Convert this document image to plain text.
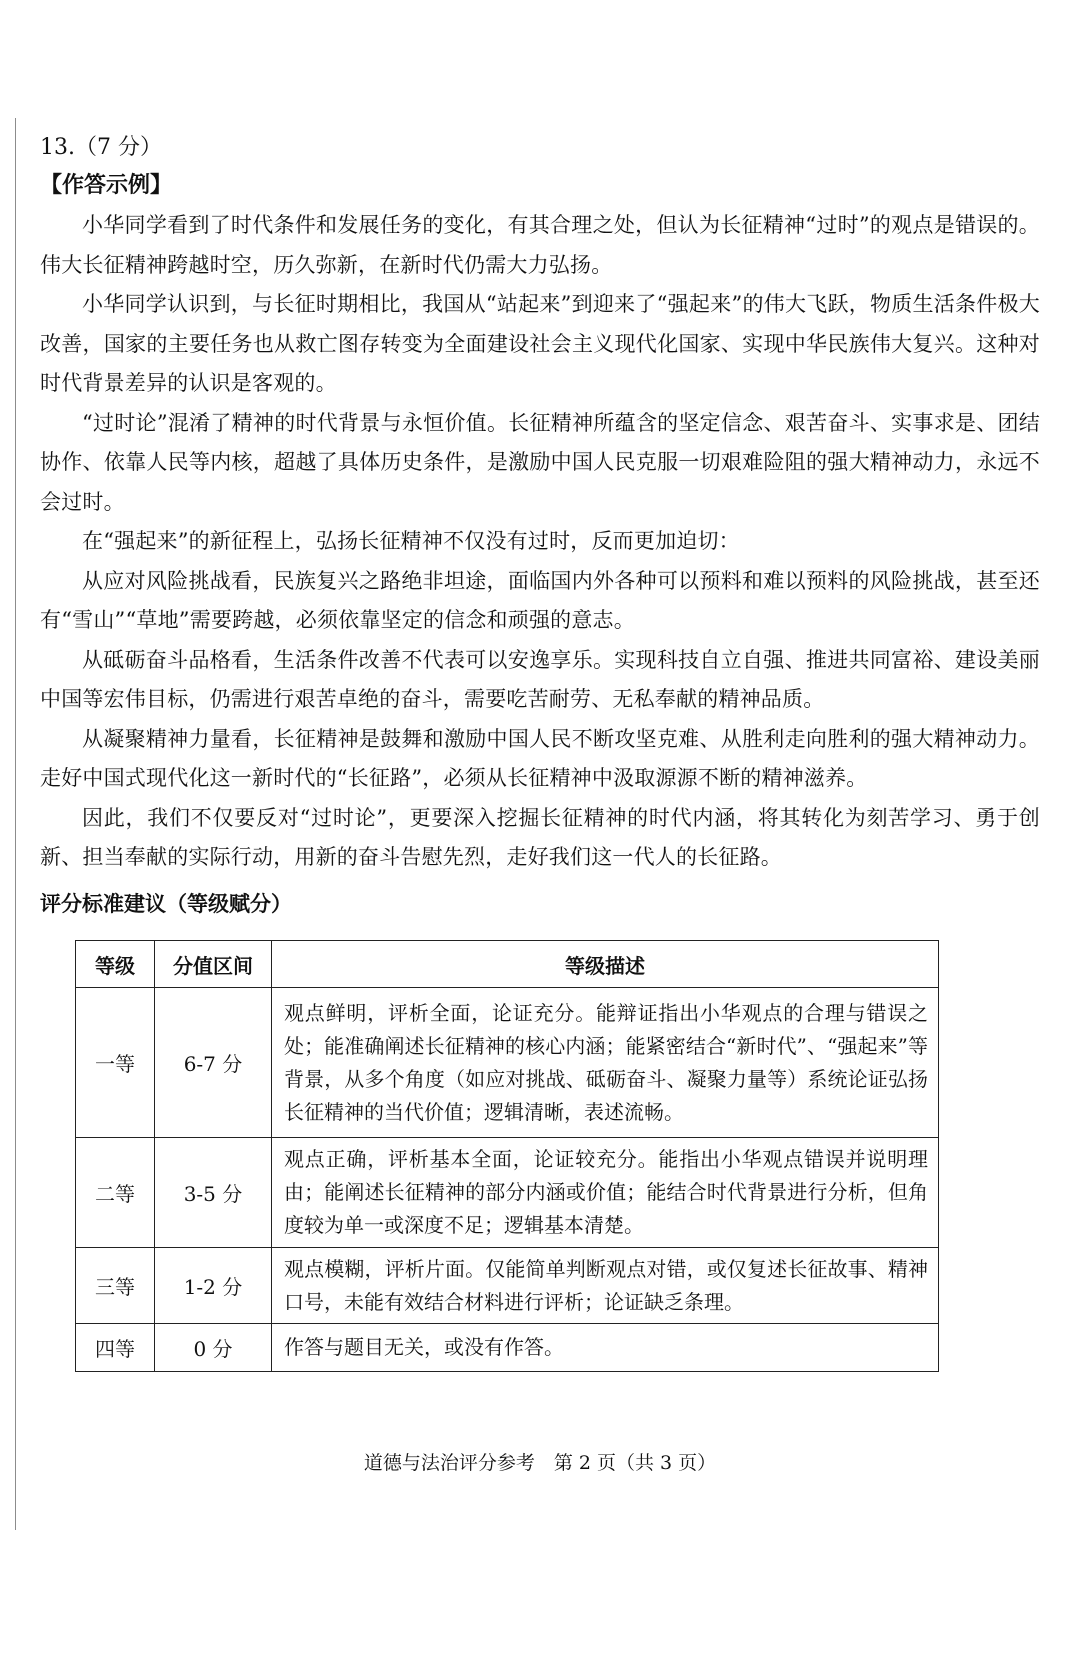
13.（7 分）

【作答示例】

小华同学看到了时代条件和发展任务的变化，有其合理之处，但认为长征精神“过时”的观点是错误的。伟大长征精神跨越时空，历久弥新，在新时代仍需大力弘扬。

小华同学认识到，与长征时期相比，我国从“站起来”到迎来了“强起来”的伟大飞跃，物质生活条件极大改善，国家的主要任务也从救亡图存转变为全面建设社会主义现代化国家、实现中华民族伟大复兴。这种对时代背景差异的认识是客观的。

“过时论”混淆了精神的时代背景与永恒价值。长征精神所蕴含的坚定信念、艰苦奋斗、实事求是、团结协作、依靠人民等内核，超越了具体历史条件，是激励中国人民克服一切艰难险阻的强大精神动力，永远不会过时。

在“强起来”的新征程上，弘扬长征精神不仅没有过时，反而更加迫切：

从应对风险挑战看，民族复兴之路绝非坦途，面临国内外各种可以预料和难以预料的风险挑战，甚至还有“雪山”“草地”需要跨越，必须依靠坚定的信念和顽强的意志。

从砥砺奋斗品格看，生活条件改善不代表可以安逸享乐。实现科技自立自强、推进共同富裕、建设美丽中国等宏伟目标，仍需进行艰苦卓绝的奋斗，需要吃苦耐劳、无私奉献的精神品质。

从凝聚精神力量看，长征精神是鼓舞和激励中国人民不断攻坚克难、从胜利走向胜利的强大精神动力。走好中国式现代化这一新时代的“长征路”，必须从长征精神中汲取源源不断的精神滋养。

因此，我们不仅要反对“过时论”，更要深入挖掘长征精神的时代内涵，将其转化为刻苦学习、勇于创新、担当奉献的实际行动，用新的奋斗告慰先烈，走好我们这一代人的长征路。

评分标准建议（等级赋分）

等级	分值区间	等级描述
一等	6-7 分	观点鲜明，评析全面，论证充分。能辩证指出小华观点的合理与错误之处；能准确阐述长征精神的核心内涵；能紧密结合“新时代”、“强起来”等背景，从多个角度（如应对挑战、砥砺奋斗、凝聚力量等）系统论证弘扬长征精神的当代价值；逻辑清晰，表述流畅。
二等	3-5 分	观点正确，评析基本全面，论证较充分。能指出小华观点错误并说明理由；能阐述长征精神的部分内涵或价值；能结合时代背景进行分析，但角度较为单一或深度不足；逻辑基本清楚。
三等	1-2 分	观点模糊，评析片面。仅能简单判断观点对错，或仅复述长征故事、精神口号，未能有效结合材料进行评析；论证缺乏条理。
四等	0 分	作答与题目无关，或没有作答。
道德与法治评分参考　第 2 页（共 3 页）
